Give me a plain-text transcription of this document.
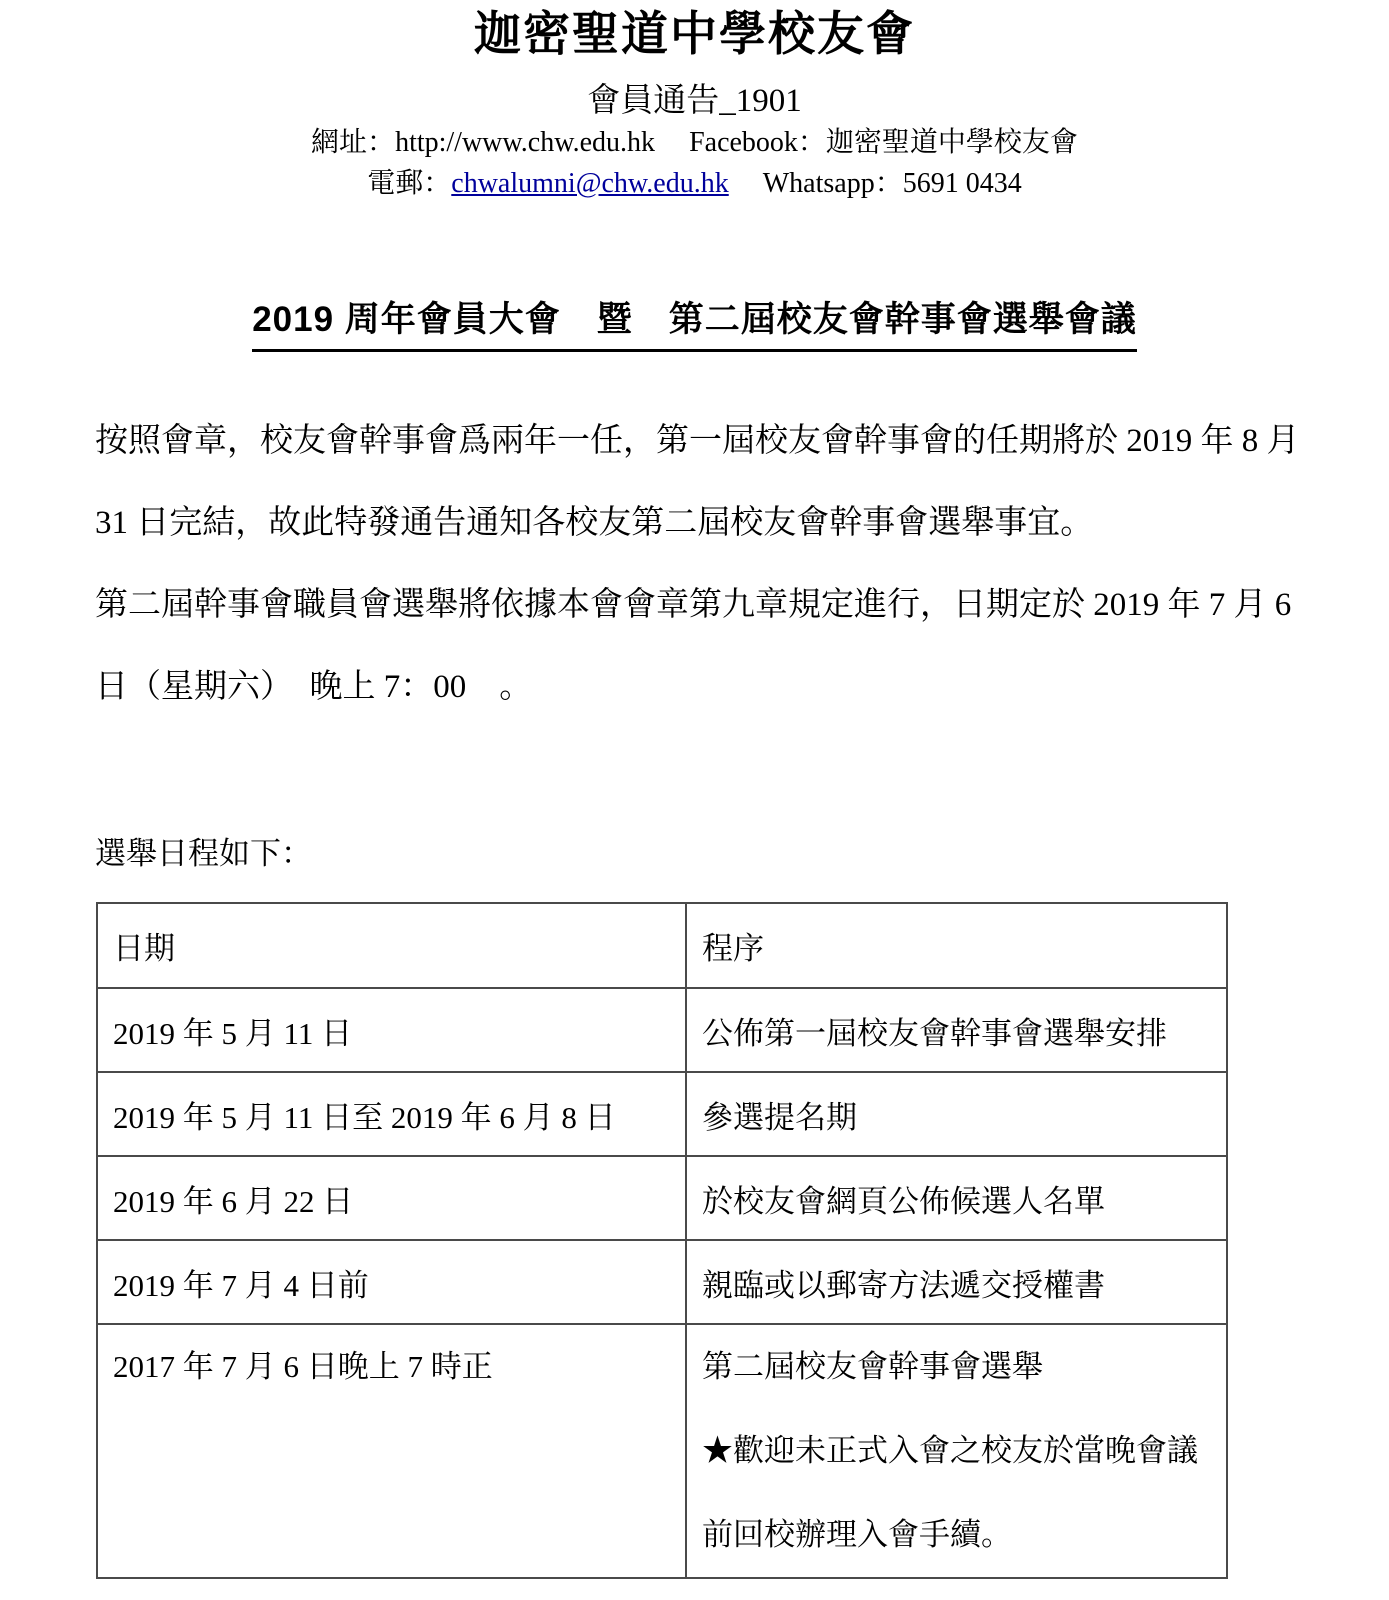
迦密聖道中學校友會
會員通告_1901
網址：http://www.chw.edu.hk Facebook：迦密聖道中學校友會
電郵：chwalumni@chw.edu.hk Whatsapp：5691 0434
2019 周年會員大會　暨　第二屆校友會幹事會選舉會議
按照會章，校友會幹事會爲兩年一任，第一屆校友會幹事會的任期將於 2019 年 8 月
31 日完結，故此特發通告通知各校友第二屆校友會幹事會選舉事宜。
第二屆幹事會職員會選舉將依據本會會章第九章規定進行，日期定於 2019 年 7 月 6
日（星期六）　晚上 7：00　。
選舉日程如下：
日期	程序
2019 年 5 月 11 日	公佈第一屆校友會幹事會選舉安排

2019 年 5 月 11 日至 2019 年 6 月 8 日	參選提名期

2019 年 6 月 22 日	於校友會網頁公佈候選人名單

2019 年 7 月 4 日前	親臨或以郵寄方法遞交授權書

2017 年 7 月 6 日晚上 7 時正	第二屆校友會幹事會選舉
★歡迎未正式入會之校友於當晚會議
前回校辦理入會手續。
